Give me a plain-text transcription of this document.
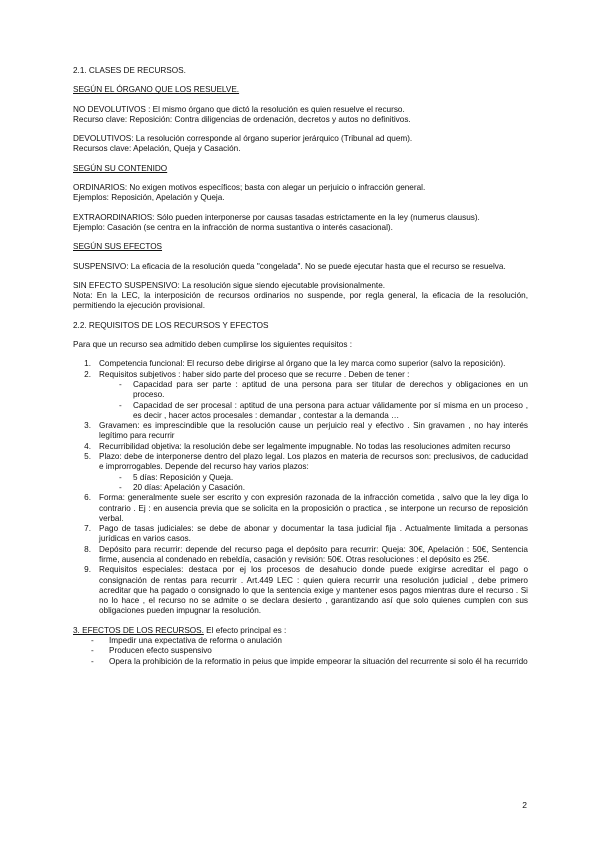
2.1. CLASES DE RECURSOS.

SEGÚN EL ÓRGANO QUE LOS RESUELVE.

NO DEVOLUTIVOS : El mismo órgano que dictó la resolución es quien resuelve el recurso.

Recurso clave: Reposición: Contra diligencias de ordenación, decretos y autos no definitivos.

DEVOLUTIVOS: La resolución corresponde al órgano superior jerárquico (Tribunal ad quem).

Recursos clave: Apelación, Queja y Casación.

SEGÚN SU CONTENIDO

ORDINARIOS: No exigen motivos específicos; basta con alegar un perjuicio o infracción general.

Ejemplos: Reposición, Apelación y Queja.

EXTRAORDINARIOS: Sólo pueden interponerse por causas tasadas estrictamente en la ley (numerus clausus).

Ejemplo: Casación (se centra en la infracción de norma sustantiva o interés casacional).

SEGÚN SUS EFECTOS

SUSPENSIVO: La eficacia de la resolución queda "congelada". No se puede ejecutar hasta que el recurso se resuelva.

SIN EFECTO SUSPENSIVO: La resolución sigue siendo ejecutable provisionalmente.

Nota: En la LEC, la interposición de recursos ordinarios no suspende, por regla general, la eficacia de la resolución, permitiendo la ejecución provisional.

2.2. REQUISITOS DE LOS RECURSOS Y EFECTOS

Para que un recurso sea admitido deben cumplirse los siguientes requisitos :

1. Competencia funcional: El recurso debe dirigirse al órgano que la ley marca como superior (salvo la reposición).
2. Requisitos subjetivos : haber sido parte del proceso que se recurre . Deben de tener :
-	Capacidad para ser parte : aptitud de una persona para ser titular de derechos y obligaciones en un proceso.
-	Capacidad de ser procesal : aptitud de una persona para actuar válidamente por sí misma en un proceso , es decir , hacer actos procesales : demandar , contestar a la demanda …
3. Gravamen: es imprescindible que la resolución cause un perjuicio real y efectivo . Sin gravamen , no hay interés legítimo para recurrir
4. Recurribilidad objetiva: la resolución debe ser legalmente impugnable. No todas las resoluciones admiten recurso
5. Plazo: debe de interponerse dentro del plazo legal. Los plazos en materia de recursos son: preclusivos, de caducidad e improrrogables. Depende del recurso hay varios plazos:
-	5 días: Reposición y Queja.
-	20 días: Apelación y Casación.
6. Forma: generalmente suele ser escrito y con expresión razonada de la infracción cometida , salvo que la ley diga lo contrario . Ej : en ausencia previa que se solicita en la proposición o practica , se interpone un recurso de reposición verbal.
7. Pago de tasas judiciales: se debe de abonar y documentar la tasa judicial fija . Actualmente limitada a personas jurídicas en varios casos.
8. Depósito para recurrir: depende del recurso paga el depósito para recurrir: Queja: 30€, Apelación : 50€, Sentencia firme, ausencia al condenado en rebeldía, casación y revisión: 50€. Otras resoluciones : el depósito es 25€.
9. Requisitos especiales: destaca por ej los procesos de desahucio donde puede exigirse acreditar el pago o consignación de rentas para recurrir . Art.449 LEC : quien quiera recurrir una resolución judicial , debe primero acreditar que ha pagado o consignado lo que la sentencia exige y mantener esos pagos mientras dure el recurso . Si no lo hace , el recurso no se admite o se declara desierto , garantizando así que solo quienes cumplen con sus obligaciones pueden impugnar la resolución.

3. EFECTOS DE LOS RECURSOS. El efecto principal es :

-	Impedir una expectativa de reforma o anulación
-	Producen efecto suspensivo
-	Opera la prohibición de la reformatio in peius que impide empeorar la situación del recurrente si solo él ha recurrido
2
